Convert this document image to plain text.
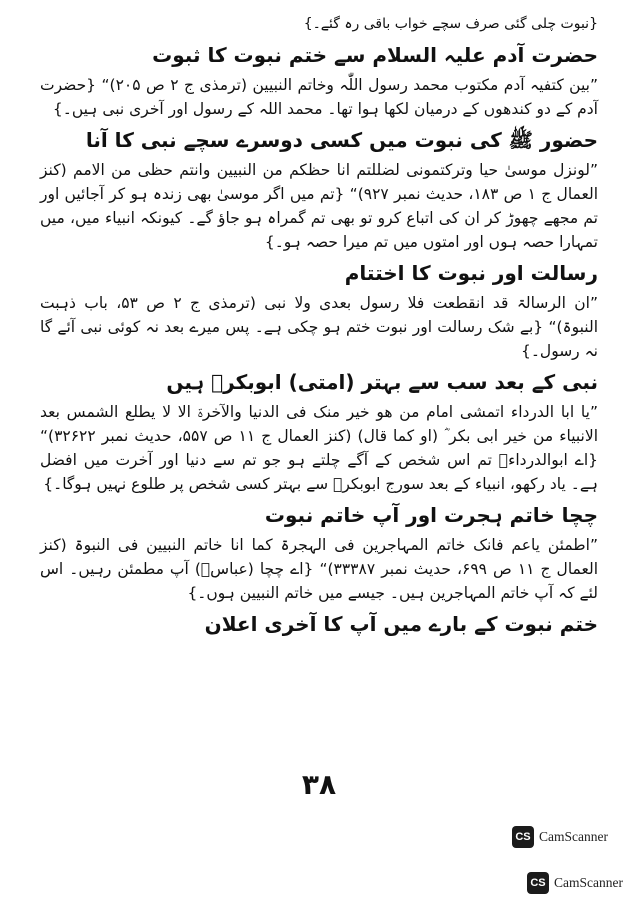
{نبوت چلی گئی صرف سچے خواب باقی رہ گئے۔}
حضرت آدم علیہ السلام سے ختم نبوت کا ثبوت

”بین کتفیہ آدم مکتوب محمد رسول اللّٰہ وخاتم النبیین (ترمذی ج ۲ ص ۲۰۵)“ {حضرت آدم کے دو کندھوں کے درمیان لکھا ہوا تھا۔ محمد اللہ کے رسول اور آخری نبی ہیں۔}

حضور ﷺ کی نبوت میں کسی دوسرے سچے نبی کا آنا

”لونزل موسیٰ حیا وترکتمونی لضللتم انا حظکم من النبیین وانتم حظی من الامم (کنز العمال ج ۱ ص ۱۸۳، حدیث نمبر ۹۲۷)“ {تم میں اگر موسیٰ بھی زندہ ہو کر آجائیں اور تم مجھے چھوڑ کر ان کی اتباع کرو تو بھی تم گمراہ ہو جاؤ گے۔ کیونکہ انبیاء میں، میں تمہارا حصہ ہوں اور امتوں میں تم میرا حصہ ہو۔}

رسالت اور نبوت کا اختتام

”ان الرسالۃ قد انقطعت فلا رسول بعدی ولا نبی (ترمذی ج ۲ ص ۵۳، باب ذہبت النبوۃ)“ {بے شک رسالت اور نبوت ختم ہو چکی ہے۔ پس میرے بعد نہ کوئی نبی آئے گا نہ رسول۔}

نبی کے بعد سب سے بہتر (امتی) ابوبکرؓ ہیں

”یا ابا الدرداء اتمشی امام من ھو خیر منک فی الدنیا والآخرۃ الا لا یطلع الشمس بعد الانبیاء من خیر ابی بکر ؓ (او کما قال) (کنز العمال ج ۱۱ ص ۵۵۷، حدیث نمبر ۳۲۶۲۲)“ {اے ابوالدرداءؓ تم اس شخص کے آگے چلتے ہو جو تم سے دنیا اور آخرت میں افضل ہے۔ یاد رکھو، انبیاء کے بعد سورج ابوبکرؓ سے بہتر کسی شخص پر طلوع نہیں ہوگا۔}

چچا خاتم ہجرت اور آپ خاتم نبوت

”اطمئن یاعم فانک خاتم المہاجرین فی الہجرۃ کما انا خاتم النبیین فی النبوۃ (کنز العمال ج ۱۱ ص ۶۹۹، حدیث نمبر ۳۳۳۸۷)“ {اے چچا (عباسؓ) آپ مطمئن رہیں۔ اس لئے کہ آپ خاتم المہاجرین ہیں۔ جیسے میں خاتم النبیین ہوں۔}

ختم نبوت کے بارے میں آپ کا آخری اعلان
۳۸
CS CamScanner
CS CamScanner
